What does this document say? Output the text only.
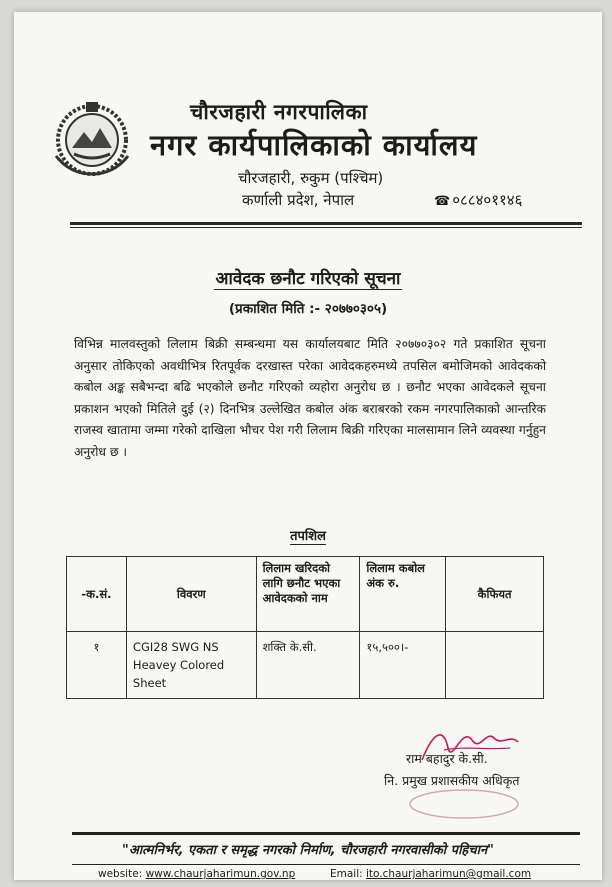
चौरजहारी नगरपालिका
नगर कार्यपालिकाको कार्यालय
चौरजहारी, रुकुम (पश्चिम)
कर्णाली प्रदेश, नेपाल	☎ ०८८४०११४६
आवेदक छनौट गरिएको सूचना
(प्रकाशित मिति :- २०७७०३०५)
विभिन्न मालवस्तुको लिलाम बिक्री सम्बन्धमा यस कार्यालयबाट मिति २०७७०३०२ गते प्रकाशित सूचना अनुसार तोकिएको अवधीभित्र रितपूर्वक दरखास्त परेका आवेदकहरुमध्ये तपसिल बमोजिमको आवेदकको कबोल अङ्क सबैभन्दा बढि भएकोले छनौट गरिएको व्यहोरा अनुरोध छ । छनौट भएका आवेदकले सूचना प्रकाशन भएको मितिले दुई (२) दिनभित्र उल्लेखित कबोल अंक बराबरको रकम नगरपालिकाको आन्तरिक राजस्व खातामा जम्मा गरेको दाखिला भौचर पेश गरी लिलाम बिक्री गरिएका मालसामान लिने व्यवस्था गर्नुहुन अनुरोध छ ।
तपशिल
-क.सं.	विवरण	लिलाम खरिदको लागि छनौट भएका आवेदकको नाम	लिलाम कबोल अंक रु.	कैफियत
१	CGI28 SWG NS Heavey Colored Sheet	शक्ति के.सी.	१५,५००।-	
राम बहादुर के.सी.
नि. प्रमुख प्रशासकीय अधिकृत
"आत्मनिर्भर, एकता र समृद्ध नगरको निर्माण, चौरजहारी नगरवासीको पहिचान"
website: www.chaurjaharimun.gov.np	Email: ito.chaurjaharimun@gmail.com
